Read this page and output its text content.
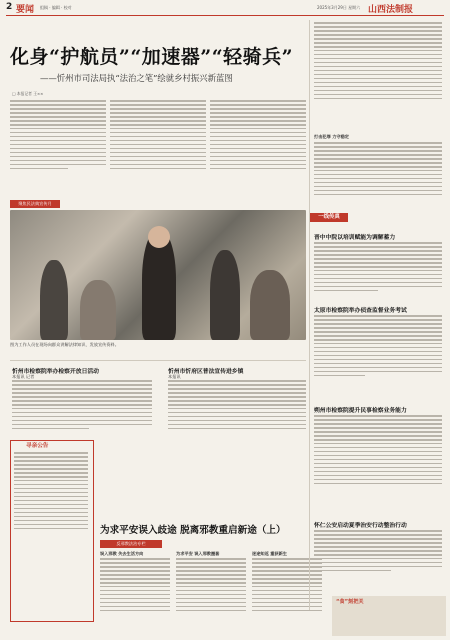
2 要闻 组稿 · 编辑 · 校对	2025年3月29日 星期六 山西法制报
化身“护航员”“加速器”“轻骑兵”
——忻州市司法局执“法治之笔”绘就乡村振兴新蓝图
□ 本报记者 王××
聚焦民法典宣传月
图为工作人员在现场向群众讲解法律知识、发放宣传资料。
忻州市检察院举办检察开放日活动
本报讯 记者
忻州市忻府区普法宣传进乡镇
本报讯
寻亲公告
为求平安误入歧途 脱离邪教重启新途（上）
反邪教法治专栏
误入邪教 失去生活方向	为求平安 误入邪教圈套	迷途知返 重获新生
打击犯罪 力守稳定
一线传真
晋中中院以培训赋能为调解蓄力
太原市检察院举办侦查监督业务考试
朔州市检察院提升民事检察业务能力
怀仁公安启动夏季治安行动整治行动
“食”刻把关
